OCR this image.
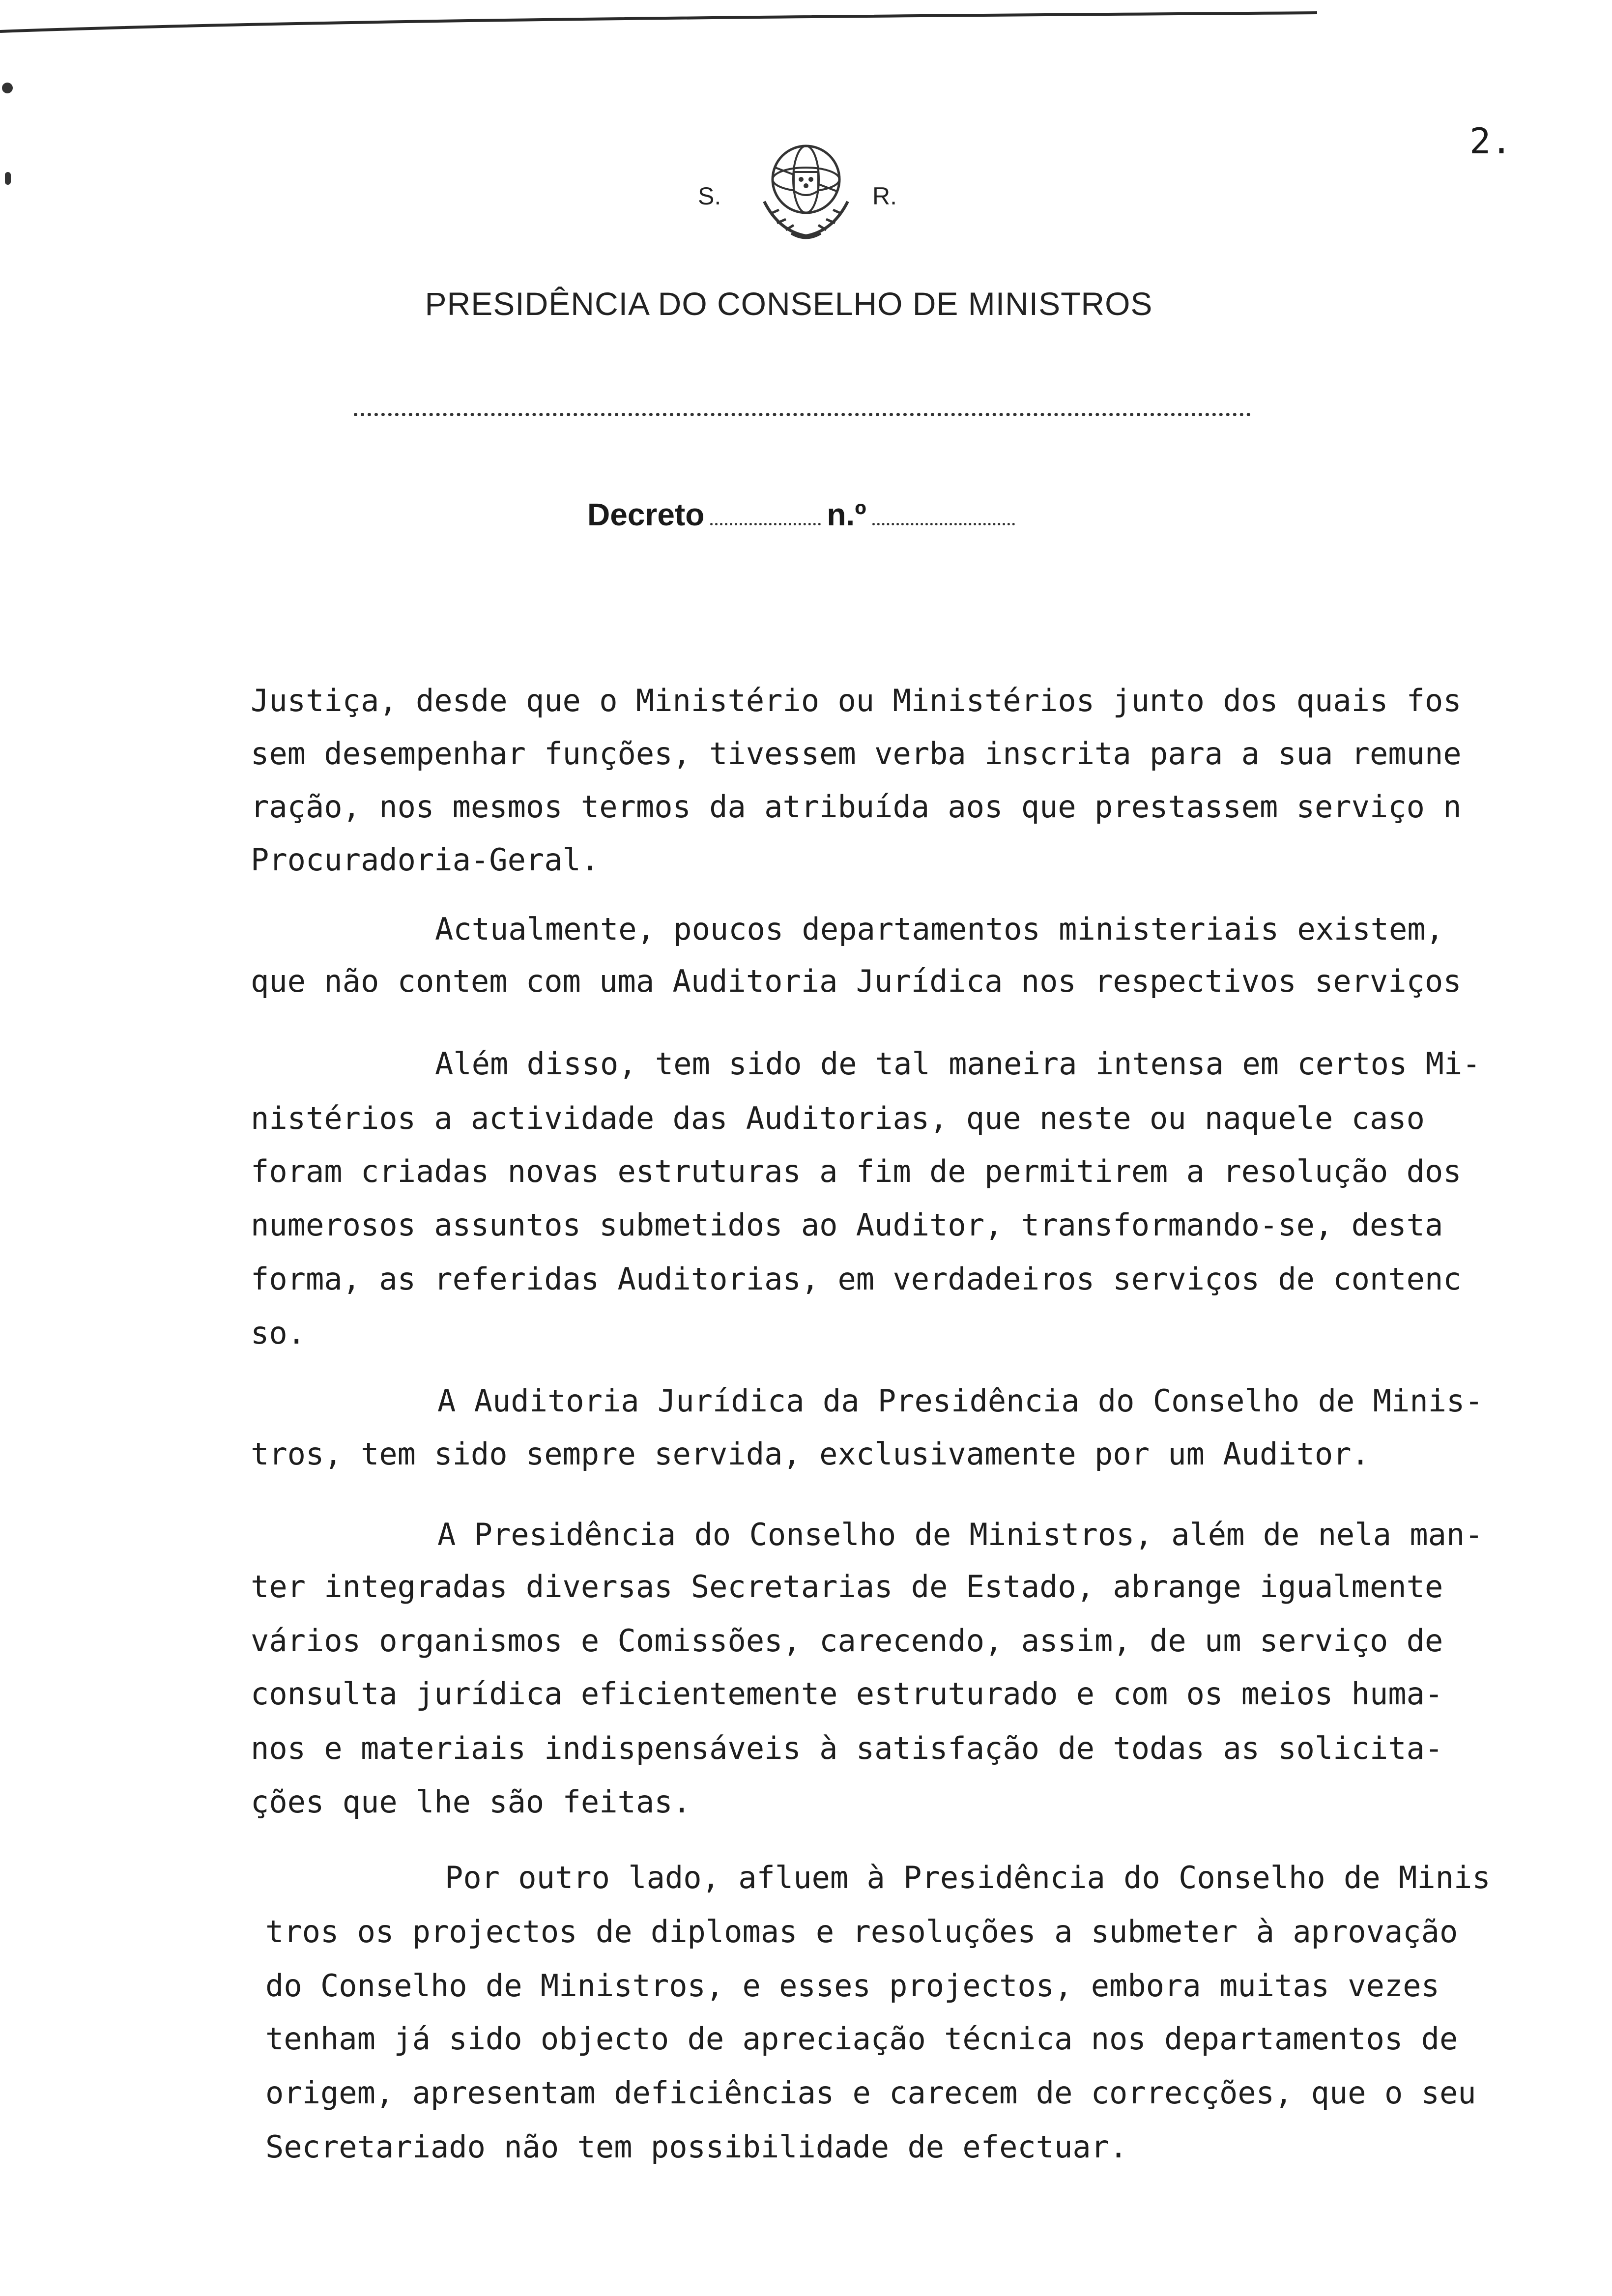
2.
S.	R.
PRESIDÊNCIA DO CONSELHO DE MINISTROS
Decreto	n.º
Justiça, desde que o Ministério ou Ministérios junto dos quais fos
sem desempenhar funções, tivessem verba inscrita para a sua remune
ração, nos mesmos termos da atribuída aos que prestassem serviço n
Procuradoria-Geral.
Actualmente, poucos departamentos ministeriais existem,
que não contem com uma Auditoria Jurídica nos respectivos serviços
Além disso, tem sido de tal maneira intensa em certos Mi-
nistérios a actividade das Auditorias, que neste ou naquele caso
foram criadas novas estruturas a fim de permitirem a resolução dos
numerosos assuntos submetidos ao Auditor, transformando-se, desta
forma, as referidas Auditorias, em verdadeiros serviços de contenc
so.
A Auditoria Jurídica da Presidência do Conselho de Minis-
tros, tem sido sempre servida, exclusivamente por um Auditor.
A Presidência do Conselho de Ministros, além de nela man-
ter integradas diversas Secretarias de Estado, abrange igualmente
vários organismos e Comissões, carecendo, assim, de um serviço de
consulta jurídica eficientemente estruturado e com os meios huma-
nos e materiais indispensáveis à satisfação de todas as solicita-
ções que lhe são feitas.
Por outro lado, afluem à Presidência do Conselho de Minis
tros os projectos de diplomas e resoluções a submeter à aprovação
do Conselho de Ministros, e esses projectos, embora muitas vezes
tenham já sido objecto de apreciação técnica nos departamentos de
origem, apresentam deficiências e carecem de correcções, que o seu
Secretariado não tem possibilidade de efectuar.
